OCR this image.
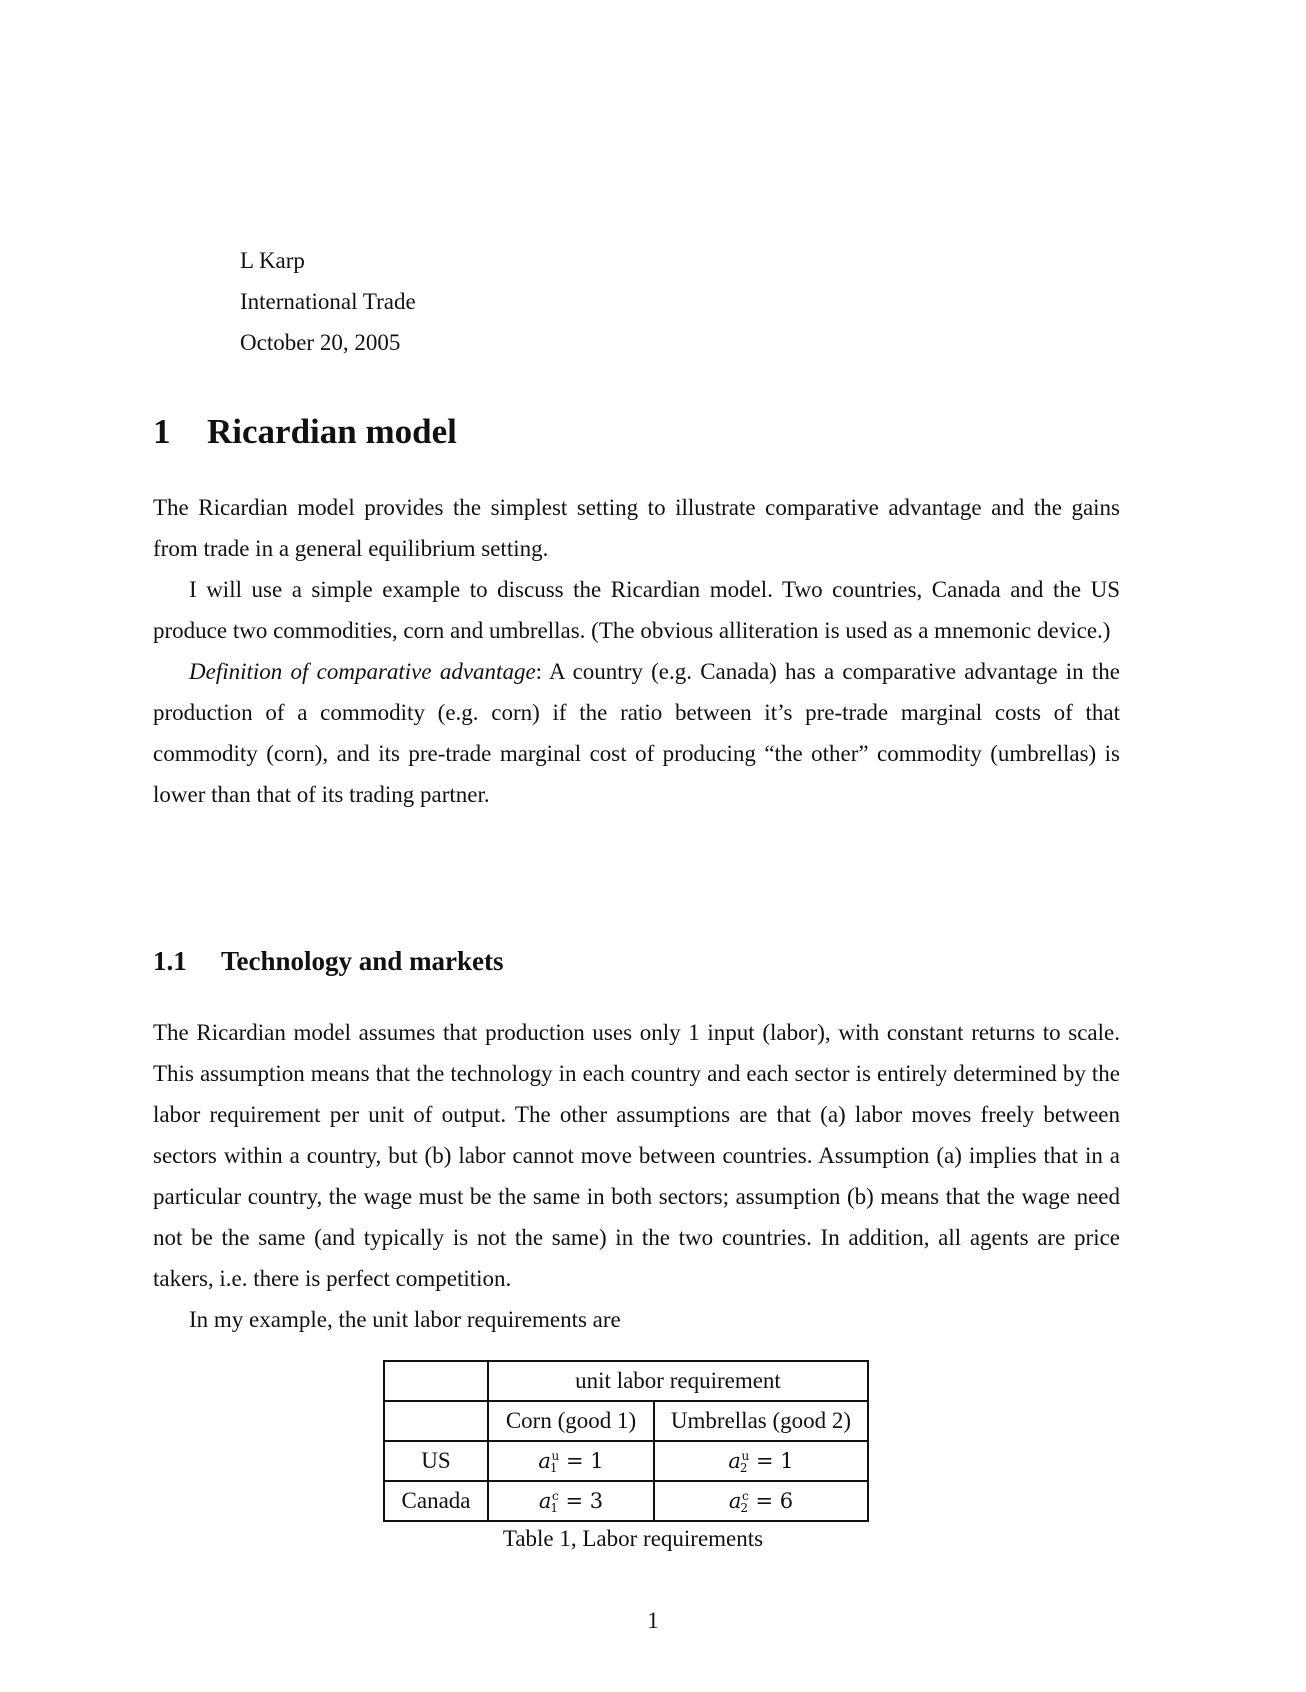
L Karp
International Trade
October 20, 2005
1 Ricardian model

The Ricardian model provides the simplest setting to illustrate comparative advantage and the gains from trade in a general equilibrium setting.

I will use a simple example to discuss the Ricardian model. Two countries, Canada and the US produce two commodities, corn and umbrellas. (The obvious alliteration is used as a mnemonic device.)

Definition of comparative advantage: A country (e.g. Canada) has a comparative advantage in the production of a commodity (e.g. corn) if the ratio between it’s pre-trade marginal costs of that commodity (corn), and its pre-trade marginal cost of producing “the other” commodity (umbrellas) is lower than that of its trading partner.

1.1 Technology and markets

The Ricardian model assumes that production uses only 1 input (labor), with constant returns to scale. This assumption means that the technology in each country and each sector is entirely determined by the labor requirement per unit of output. The other assumptions are that (a) labor moves freely between sectors within a country, but (b) labor cannot move between countries. Assumption (a) implies that in a particular country, the wage must be the same in both sectors; assumption (b) means that the wage need not be the same (and typically is not the same) in the two countries. In addition, all agents are price takers, i.e. there is perfect competition.

In my example, the unit labor requirements are

	unit labor requirement	
	Corn (good 1)	Umbrellas (good 2)
US	$a_1^u = 1$	$a_2^u = 1$
Canada	$a_1^c = 3$	$a_2^c = 6$
Table 1, Labor requirements
1
